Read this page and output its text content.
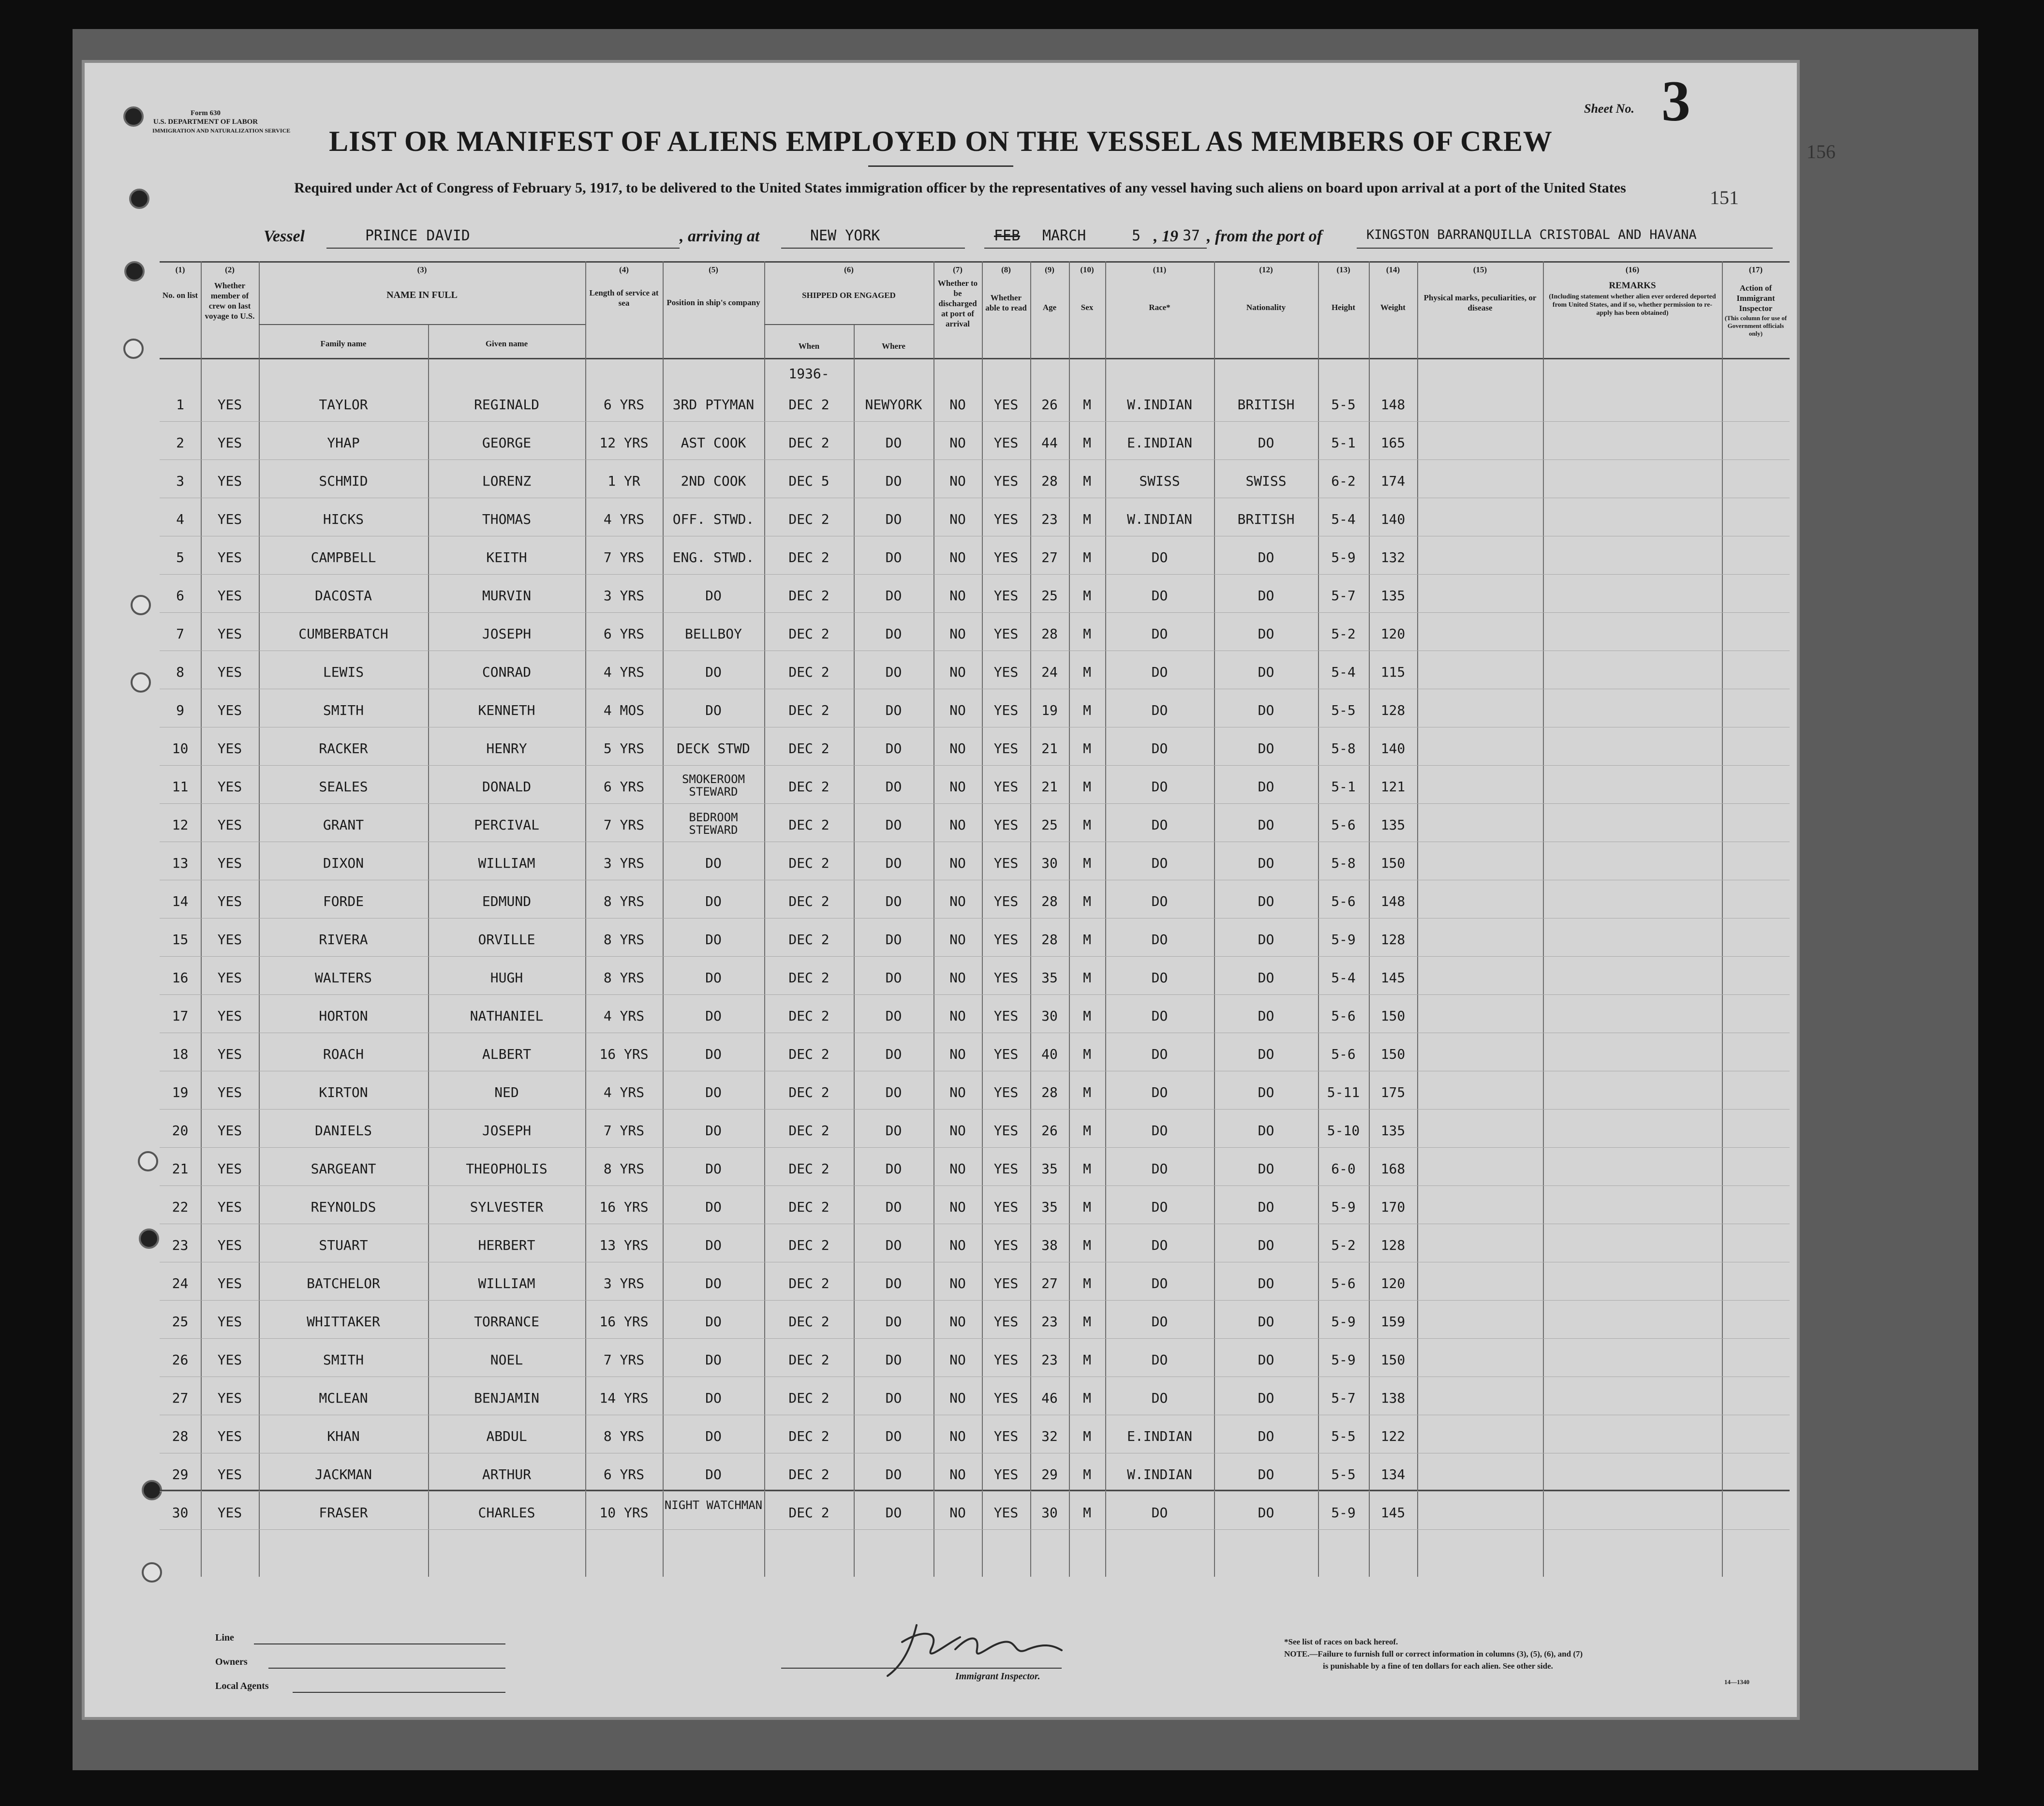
Form 630
U.S. DEPARTMENT OF LABOR
IMMIGRATION AND NATURALIZATION SERVICE
Sheet No. 3
156
151
LIST OR MANIFEST OF ALIENS EMPLOYED ON THE VESSEL AS MEMBERS OF CREW
Required under Act of Congress of February 5, 1917, to be delivered to the United States immigration officer by the representatives of any vessel having such aliens on board upon arrival at a port of the United States
Vessel	PRINCE DAVID	, arriving at	NEW YORK	FEB MARCH	5 , 19 37 , from the port of	KINGSTON BARRANQUILLA CRISTOBAL AND HAVANA
(1)	(2)	(3)	(4)	(5)	(6)	(7)	(8)	(9)	(10)	(11)	(12)	(13)	(14)	(15)	(16)	(17)
No. on list
Whether member of crew on last voyage to U.S.
NAME IN FULL
Family name	Given name
Length of service at sea	Position in ship's company
SHIPPED OR ENGAGED
When	Where
Whether to be discharged at port of arrival
Whether able to read	Age	Sex	Race*	Nationality	Height	Weight
Physical marks, peculiarities, or disease
REMARKS
(Including statement whether alien ever ordered deported from United States, and if so, whether permission to re-apply has been obtained)
Action of Immigrant Inspector
(This column for use of Government officials only)
1936-
1	YES	TAYLOR	REGINALD	6 YRS	3RD PTYMAN	DEC 2	NEWYORK	NO	YES	26	M	W.INDIAN	BRITISH	5-5	148
2	YES	YHAP	GEORGE	12 YRS	AST COOK	DEC 2	DO	NO	YES	44	M	E.INDIAN	DO	5-1	165
3	YES	SCHMID	LORENZ	1 YR	2ND COOK	DEC 5	DO	NO	YES	28	M	SWISS	SWISS	6-2	174
4	YES	HICKS	THOMAS	4 YRS	OFF. STWD.	DEC 2	DO	NO	YES	23	M	W.INDIAN	BRITISH	5-4	140
5	YES	CAMPBELL	KEITH	7 YRS	ENG. STWD.	DEC 2	DO	NO	YES	27	M	DO	DO	5-9	132
6	YES	DACOSTA	MURVIN	3 YRS	DO	DEC 2	DO	NO	YES	25	M	DO	DO	5-7	135
7	YES	CUMBERBATCH	JOSEPH	6 YRS	BELLBOY	DEC 2	DO	NO	YES	28	M	DO	DO	5-2	120
8	YES	LEWIS	CONRAD	4 YRS	DO	DEC 2	DO	NO	YES	24	M	DO	DO	5-4	115
9	YES	SMITH	KENNETH	4 MOS	DO	DEC 2	DO	NO	YES	19	M	DO	DO	5-5	128
10	YES	RACKER	HENRY	5 YRS	DECK STWD	DEC 2	DO	NO	YES	21	M	DO	DO	5-8	140
11	YES	SEALES	DONALD	6 YRS	SMOKEROOM STEWARD	DEC 2	DO	NO	YES	21	M	DO	DO	5-1	121
12	YES	GRANT	PERCIVAL	7 YRS	BEDROOM STEWARD	DEC 2	DO	NO	YES	25	M	DO	DO	5-6	135
13	YES	DIXON	WILLIAM	3 YRS	DO	DEC 2	DO	NO	YES	30	M	DO	DO	5-8	150
14	YES	FORDE	EDMUND	8 YRS	DO	DEC 2	DO	NO	YES	28	M	DO	DO	5-6	148
15	YES	RIVERA	ORVILLE	8 YRS	DO	DEC 2	DO	NO	YES	28	M	DO	DO	5-9	128
16	YES	WALTERS	HUGH	8 YRS	DO	DEC 2	DO	NO	YES	35	M	DO	DO	5-4	145
17	YES	HORTON	NATHANIEL	4 YRS	DO	DEC 2	DO	NO	YES	30	M	DO	DO	5-6	150
18	YES	ROACH	ALBERT	16 YRS	DO	DEC 2	DO	NO	YES	40	M	DO	DO	5-6	150
19	YES	KIRTON	NED	4 YRS	DO	DEC 2	DO	NO	YES	28	M	DO	DO	5-11	175
20	YES	DANIELS	JOSEPH	7 YRS	DO	DEC 2	DO	NO	YES	26	M	DO	DO	5-10	135
21	YES	SARGEANT	THEOPHOLIS	8 YRS	DO	DEC 2	DO	NO	YES	35	M	DO	DO	6-0	168
22	YES	REYNOLDS	SYLVESTER	16 YRS	DO	DEC 2	DO	NO	YES	35	M	DO	DO	5-9	170
23	YES	STUART	HERBERT	13 YRS	DO	DEC 2	DO	NO	YES	38	M	DO	DO	5-2	128
24	YES	BATCHELOR	WILLIAM	3 YRS	DO	DEC 2	DO	NO	YES	27	M	DO	DO	5-6	120
25	YES	WHITTAKER	TORRANCE	16 YRS	DO	DEC 2	DO	NO	YES	23	M	DO	DO	5-9	159
26	YES	SMITH	NOEL	7 YRS	DO	DEC 2	DO	NO	YES	23	M	DO	DO	5-9	150
27	YES	MCLEAN	BENJAMIN	14 YRS	DO	DEC 2	DO	NO	YES	46	M	DO	DO	5-7	138
28	YES	KHAN	ABDUL	8 YRS	DO	DEC 2	DO	NO	YES	32	M	E.INDIAN	DO	5-5	122
29	YES	JACKMAN	ARTHUR	6 YRS	DO	DEC 2	DO	NO	YES	29	M	W.INDIAN	DO	5-5	134
30	YES	FRASER	CHARLES	10 YRS	NIGHT WATCHMAN	DEC 2	DO	NO	YES	30	M	DO	DO	5-9	145
Line
Owners
Local Agents
Immigrant Inspector.
*See list of races on back hereof.
NOTE.—Failure to furnish full or correct information in columns (3), (5), (6), and (7)
is punishable by a fine of ten dollars for each alien. See other side.
14—1340
